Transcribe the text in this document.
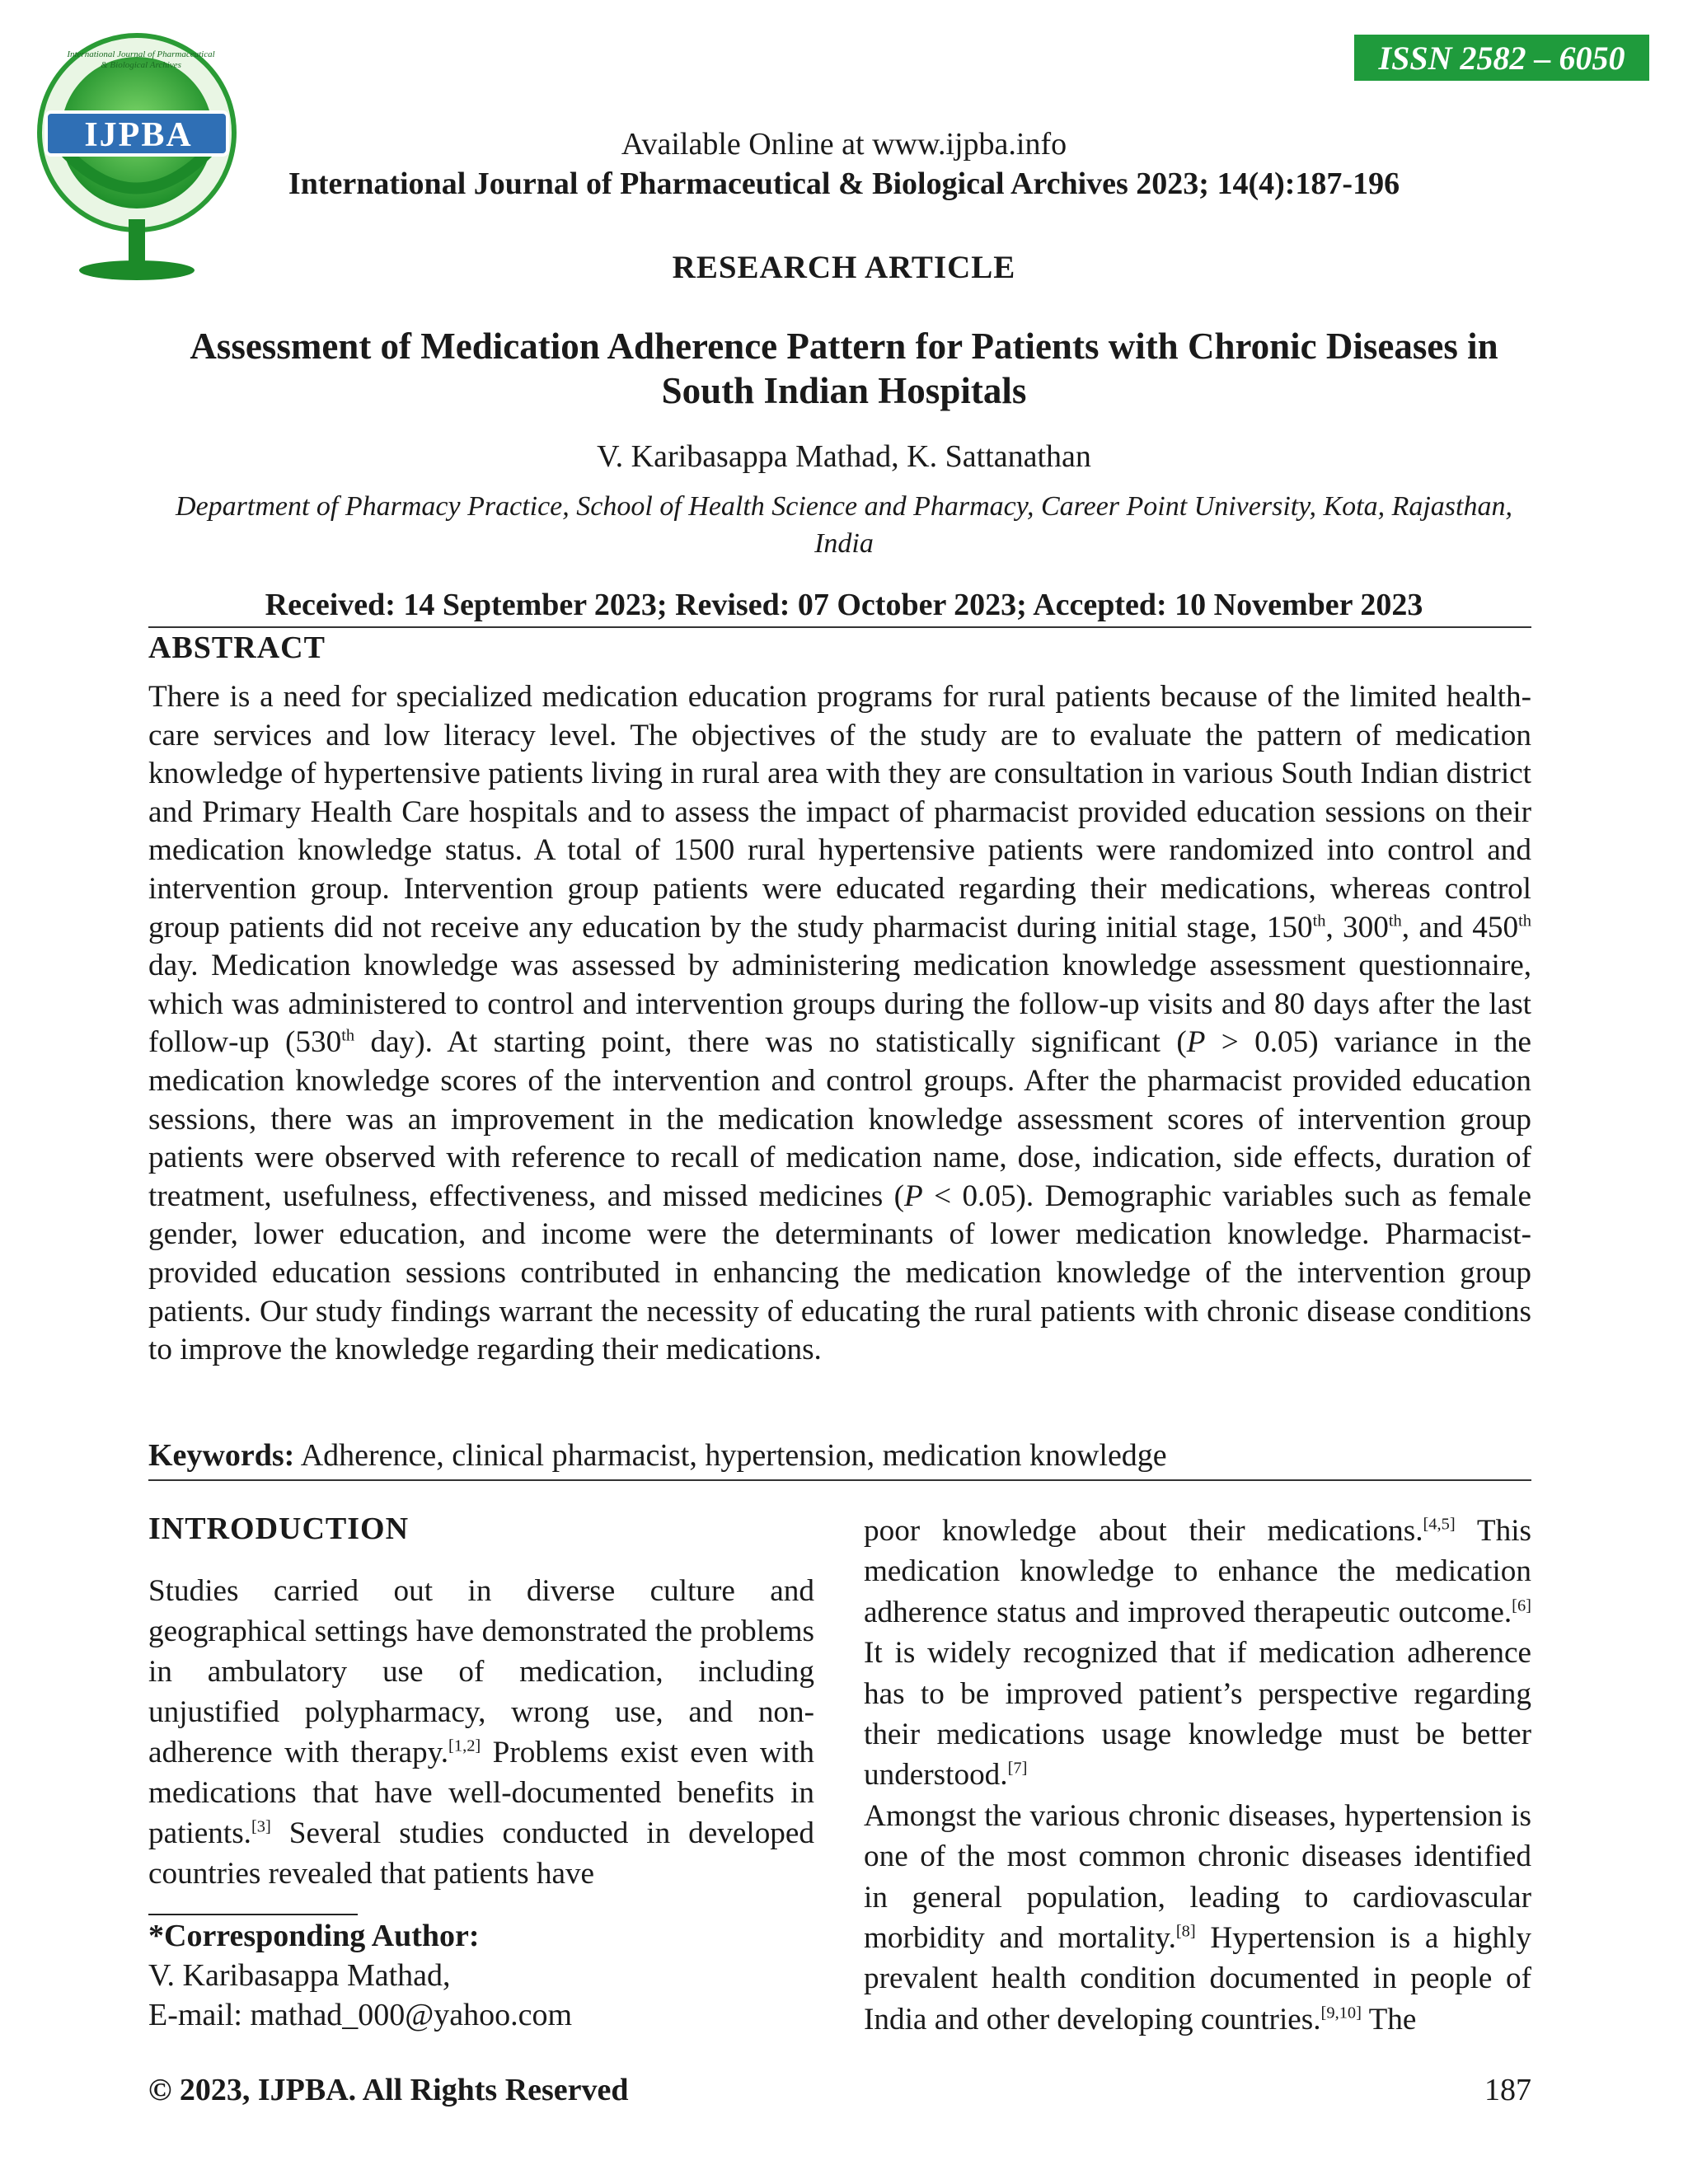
ISSN 2582 – 6050
IJPBA
International Journal of Pharmaceutical & Biological Archives
Available Online at www.ijpba.info
International Journal of Pharmaceutical & Biological Archives 2023; 14(4):187-196
RESEARCH ARTICLE
Assessment of Medication Adherence Pattern for Patients with Chronic Diseases in South Indian Hospitals
V. Karibasappa Mathad, K. Sattanathan
Department of Pharmacy Practice, School of Health Science and Pharmacy, Career Point University, Kota, Rajasthan, India
Received: 14 September 2023; Revised: 07 October 2023; Accepted: 10 November 2023
ABSTRACT
There is a need for specialized medication education programs for rural patients because of the limited health-care services and low literacy level. The objectives of the study are to evaluate the pattern of medication knowledge of hypertensive patients living in rural area with they are consultation in various South Indian district and Primary Health Care hospitals and to assess the impact of pharmacist provided education sessions on their medication knowledge status. A total of 1500 rural hypertensive patients were randomized into control and intervention group. Intervention group patients were educated regarding their medications, whereas control group patients did not receive any education by the study pharmacist during initial stage, 150th, 300th, and 450th day. Medication knowledge was assessed by administering medication knowledge assessment questionnaire, which was administered to control and intervention groups during the follow-up visits and 80 days after the last follow-up (530th day). At starting point, there was no statistically significant (P > 0.05) variance in the medication knowledge scores of the intervention and control groups. After the pharmacist provided education sessions, there was an improvement in the medication knowledge assessment scores of intervention group patients were observed with reference to recall of medication name, dose, indication, side effects, duration of treatment, usefulness, effectiveness, and missed medicines (P < 0.05). Demographic variables such as female gender, lower education, and income were the determinants of lower medication knowledge. Pharmacist-provided education sessions contributed in enhancing the medication knowledge of the intervention group patients. Our study findings warrant the necessity of educating the rural patients with chronic disease conditions to improve the knowledge regarding their medications.
Keywords: Adherence, clinical pharmacist, hypertension, medication knowledge
INTRODUCTION
Studies carried out in diverse culture and geographical settings have demonstrated the problems in ambulatory use of medication, including unjustified polypharmacy, wrong use, and non-adherence with therapy.[1,2] Problems exist even with medications that have well-documented benefits in patients.[3] Several studies conducted in developed countries revealed that patients have
poor knowledge about their medications.[4,5] This medication knowledge to enhance the medication adherence status and improved therapeutic outcome.[6] It is widely recognized that if medication adherence has to be improved patient’s perspective regarding their medications usage knowledge must be better understood.[7]
Amongst the various chronic diseases, hypertension is one of the most common chronic diseases identified in general population, leading to cardiovascular morbidity and mortality.[8] Hypertension is a highly prevalent health condition documented in people of India and other developing countries.[9,10] The
*Corresponding Author:
V. Karibasappa Mathad,
E-mail: mathad_000@yahoo.com
© 2023, IJPBA. All Rights Reserved	187
